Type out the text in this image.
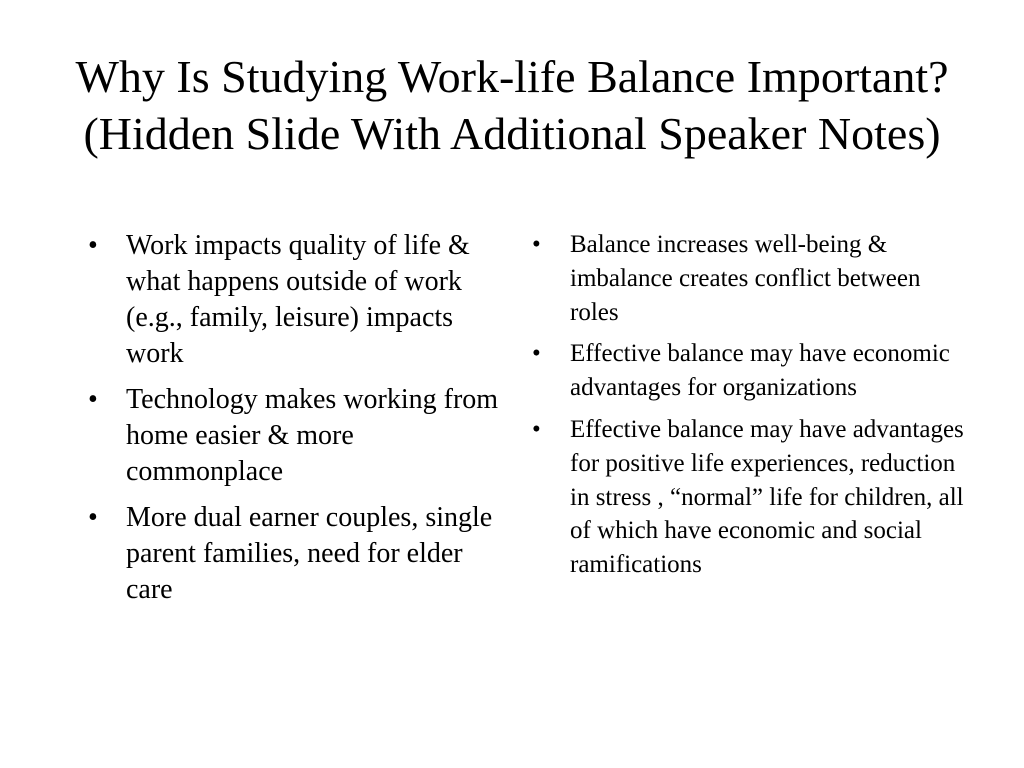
Why Is Studying Work-life Balance Important? (Hidden Slide With Additional Speaker Notes)
• Work impacts quality of life & what happens outside of work (e.g., family, leisure) impacts work
• Technology makes working from home easier & more commonplace
• More dual earner couples, single parent families, need for elder care
• Balance increases well-being & imbalance creates conflict between roles
• Effective balance may have economic advantages for organizations
• Effective balance may have advantages for positive life experiences, reduction in stress , “normal” life for children, all of which have economic and social ramifications
